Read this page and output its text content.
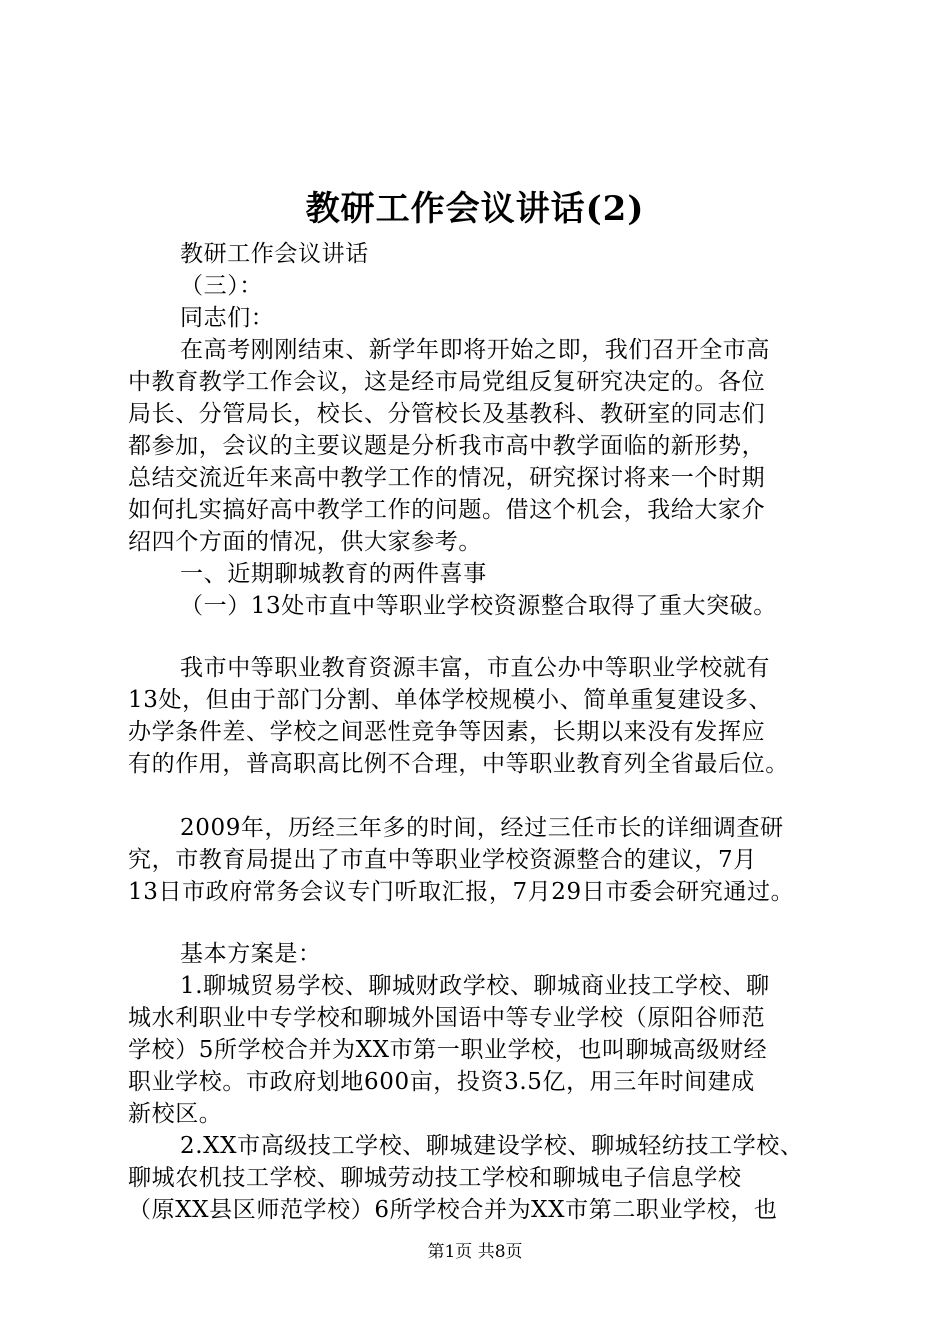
教研工作会议讲话(2)
教研工作会议讲话
（三）：
同志们：
在高考刚刚结束、新学年即将开始之即，我们召开全市高
中教育教学工作会议，这是经市局党组反复研究决定的。各位
局长、分管局长，校长、分管校长及基教科、教研室的同志们
都参加，会议的主要议题是分析我市高中教学面临的新形势，
总结交流近年来高中教学工作的情况，研究探讨将来一个时期
如何扎实搞好高中教学工作的问题。借这个机会，我给大家介
绍四个方面的情况，供大家参考。
一、近期聊城教育的两件喜事
（一）13处市直中等职业学校资源整合取得了重大突破。
我市中等职业教育资源丰富，市直公办中等职业学校就有
13处，但由于部门分割、单体学校规模小、简单重复建设多、
办学条件差、学校之间恶性竞争等因素，长期以来没有发挥应
有的作用，普高职高比例不合理，中等职业教育列全省最后位。
2009年，历经三年多的时间，经过三任市长的详细调查研
究，市教育局提出了市直中等职业学校资源整合的建议，7月
13日市政府常务会议专门听取汇报，7月29日市委会研究通过。
基本方案是：
1.聊城贸易学校、聊城财政学校、聊城商业技工学校、聊
城水利职业中专学校和聊城外国语中等专业学校（原阳谷师范
学校）5所学校合并为XX市第一职业学校，也叫聊城高级财经
职业学校。市政府划地600亩，投资3.5亿，用三年时间建成
新校区。
2.XX市高级技工学校、聊城建设学校、聊城轻纺技工学校、
聊城农机技工学校、聊城劳动技工学校和聊城电子信息学校
（原XX县区师范学校）6所学校合并为XX市第二职业学校，也
第1页 共8页
